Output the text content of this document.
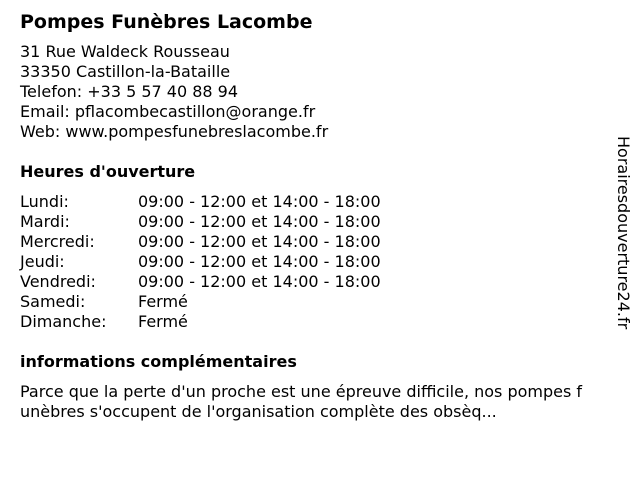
Pompes Funèbres Lacombe
31 Rue Waldeck Rousseau
33350 Castillon-la-Bataille
Telefon: +33 5 57 40 88 94
Email: pflacombecastillon@orange.fr
Web: www.pompesfunebreslacombe.fr
Heures d'ouverture
Lundi:	09:00 - 12:00 et 14:00 - 18:00
Mardi:	09:00 - 12:00 et 14:00 - 18:00
Mercredi:	09:00 - 12:00 et 14:00 - 18:00
Jeudi:	09:00 - 12:00 et 14:00 - 18:00
Vendredi:	09:00 - 12:00 et 14:00 - 18:00
Samedi:	Fermé
Dimanche:	Fermé
informations complémentaires
Parce que la perte d'un proche est une épreuve difficile, nos pompes funèbres s'occupent de l'organisation complète des obsèq...
Horairesdouverture24.fr
